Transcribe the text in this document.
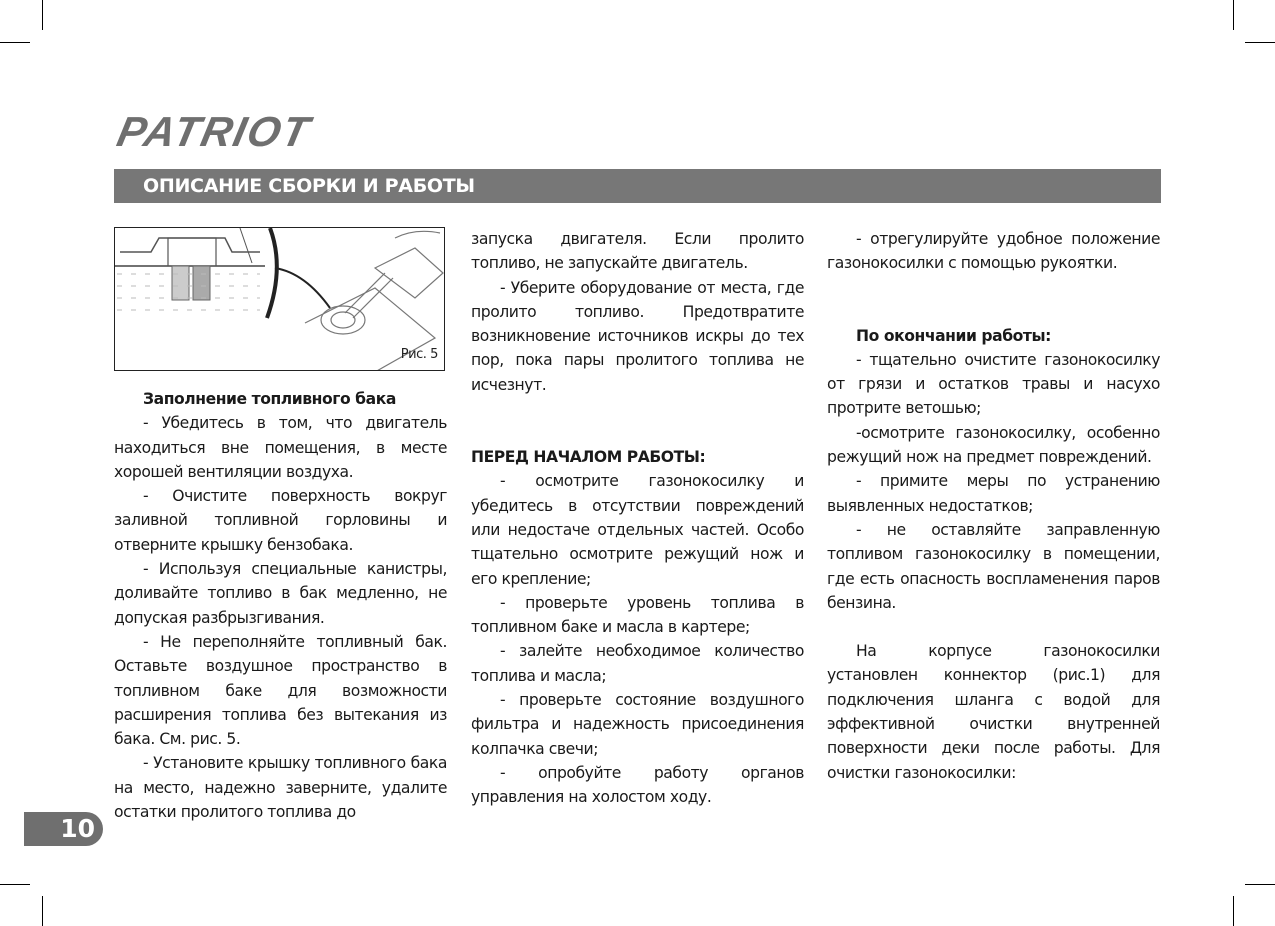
PATRIOT
ОПИСАНИЕ СБОРКИ И РАБОТЫ
Рис. 5
Заполнение топливного бака

- Убедитесь в том, что двигатель находиться вне помещения, в месте хорошей вентиляции воздуха.

- Очистите поверхность вокруг заливной топливной горловины и отверните крышку бензобака.

- Используя специальные канистры, доливайте топливо в бак медленно, не допуская разбрызгивания.

- Не переполняйте топливный бак. Оставьте воздушное пространство в топливном баке для возможности расширения топлива без вытекания из бака. См. рис. 5.

- Установите крышку топливного бака на место, надежно заверните, удалите остатки пролитого топлива до

запуска двигателя. Если пролито топливо, не запускайте двигатель.

- Уберите оборудование от места, где пролито топливо. Предотвратите возникновение источников искры до тех пор, пока пары пролитого топлива не исчезнут.

ПЕРЕД НАЧАЛОМ РАБОТЫ:

- осмотрите газонокосилку и убедитесь в отсутствии повреждений или недостаче отдельных частей. Особо тщательно осмотрите режущий нож и его крепление;

- проверьте уровень топлива в топливном баке и масла в картере;

- залейте необходимое количество топлива и масла;

- проверьте состояние воздушного фильтра и надежность присоединения колпачка свечи;

- опробуйте работу органов управления на холостом ходу.

- отрегулируйте удобное положение газонокосилки с помощью рукоятки.

По окончании работы:

- тщательно очистите газонокосилку от грязи и остатков травы и насухо протрите ветошью;

-осмотрите газонокосилку, особенно режущий нож на предмет повреждений.

- примите меры по устранению выявленных недостатков;

- не оставляйте заправленную топливом газонокосилку в помещении, где есть опасность воспламенения паров бензина.

На корпусе газонокосилки установлен коннектор (рис.1) для подключения шланга с водой для эффективной очистки внутренней поверхности деки после работы. Для очистки газонокосилки:

10
